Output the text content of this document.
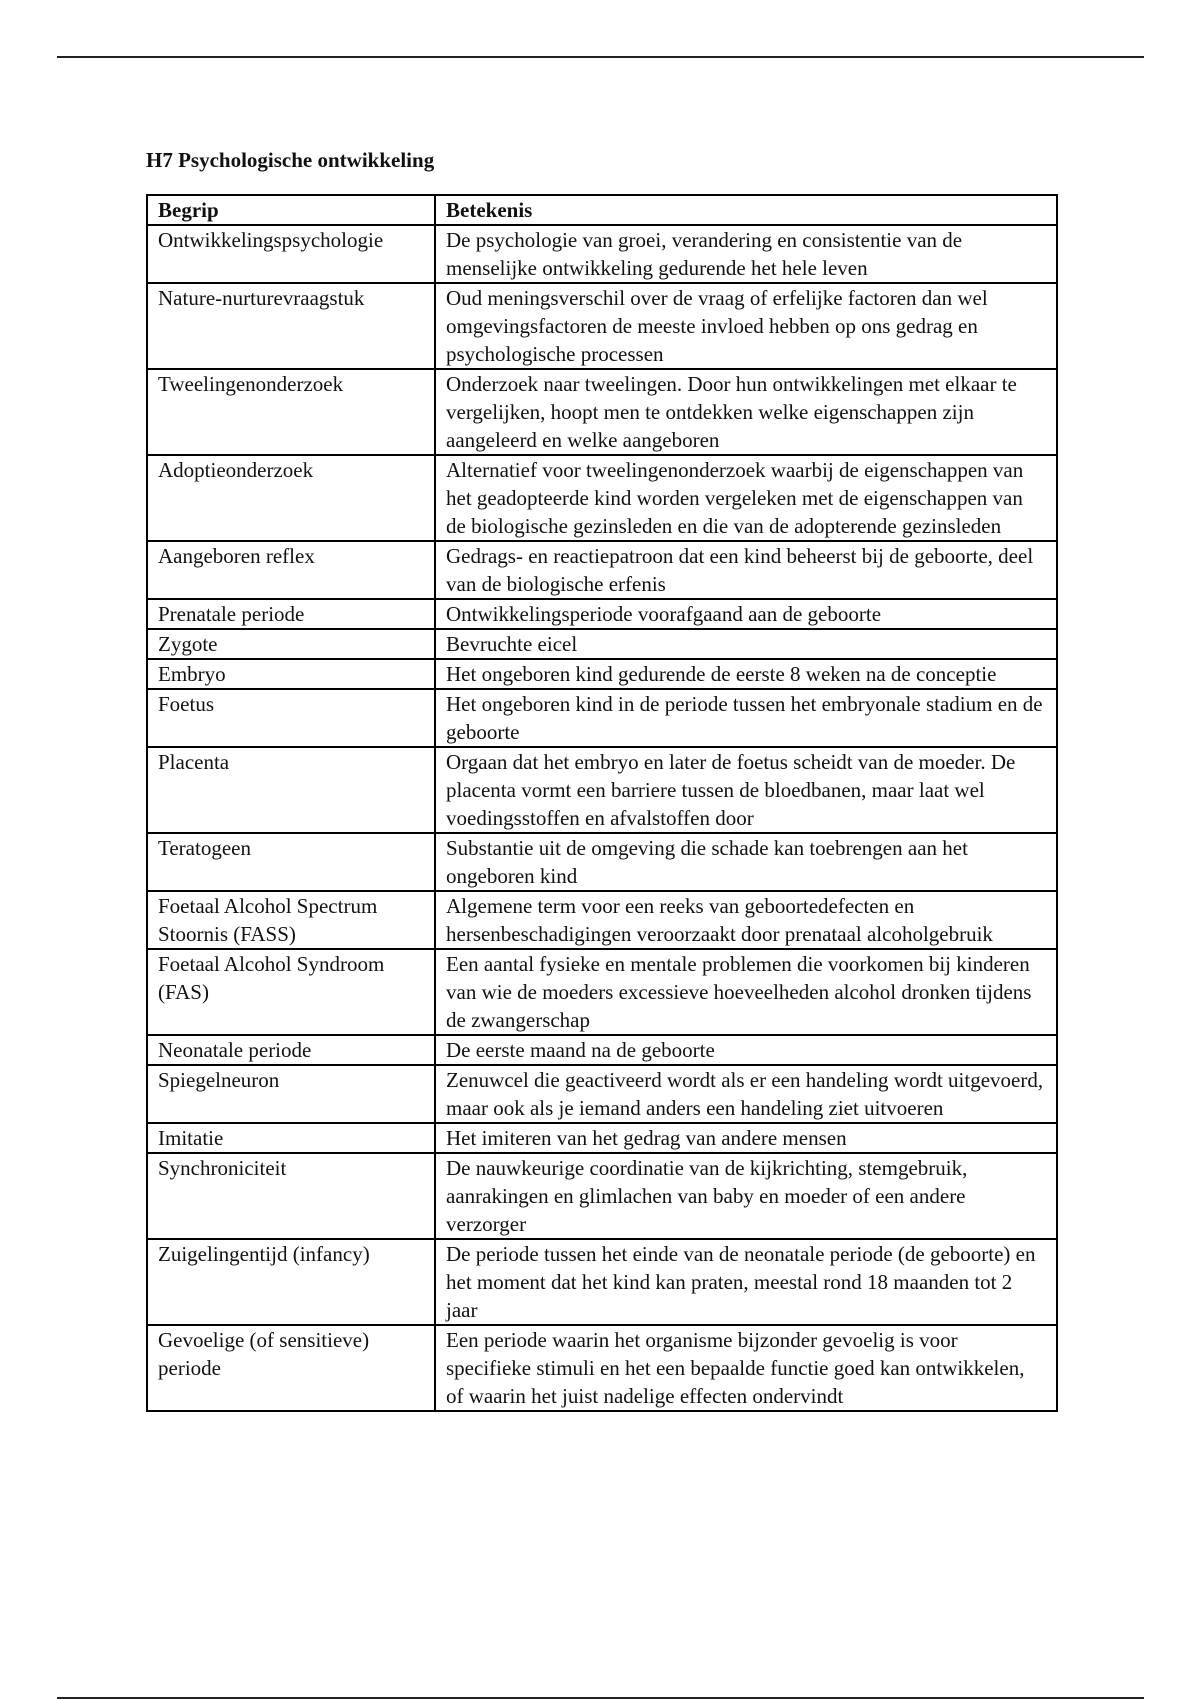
H7 Psychologische ontwikkeling
Begrip	Betekenis
Ontwikkelingspsychologie	De psychologie van groei, verandering en consistentie van de menselijke ontwikkeling gedurende het hele leven
Nature-nurturevraagstuk	Oud meningsverschil over de vraag of erfelijke factoren dan wel omgevingsfactoren de meeste invloed hebben op ons gedrag en psychologische processen
Tweelingenonderzoek	Onderzoek naar tweelingen. Door hun ontwikkelingen met elkaar te vergelijken, hoopt men te ontdekken welke eigenschappen zijn aangeleerd en welke aangeboren
Adoptieonderzoek	Alternatief voor tweelingenonderzoek waarbij de eigenschappen van het geadopteerde kind worden vergeleken met de eigenschappen van de biologische gezinsleden en die van de adopterende gezinsleden
Aangeboren reflex	Gedrags- en reactiepatroon dat een kind beheerst bij de geboorte, deel van de biologische erfenis
Prenatale periode	Ontwikkelingsperiode voorafgaand aan de geboorte
Zygote	Bevruchte eicel
Embryo	Het ongeboren kind gedurende de eerste 8 weken na de conceptie
Foetus	Het ongeboren kind in de periode tussen het embryonale stadium en de geboorte
Placenta	Orgaan dat het embryo en later de foetus scheidt van de moeder. De placenta vormt een barriere tussen de bloedbanen, maar laat wel voedingsstoffen en afvalstoffen door
Teratogeen	Substantie uit de omgeving die schade kan toebrengen aan het ongeboren kind
Foetaal Alcohol Spectrum Stoornis (FASS)	Algemene term voor een reeks van geboortedefecten en hersenbeschadigingen veroorzaakt door prenataal alcoholgebruik
Foetaal Alcohol Syndroom (FAS)	Een aantal fysieke en mentale problemen die voorkomen bij kinderen van wie de moeders excessieve hoeveelheden alcohol dronken tijdens de zwangerschap
Neonatale periode	De eerste maand na de geboorte
Spiegelneuron	Zenuwcel die geactiveerd wordt als er een handeling wordt uitgevoerd, maar ook als je iemand anders een handeling ziet uitvoeren
Imitatie	Het imiteren van het gedrag van andere mensen
Synchroniciteit	De nauwkeurige coordinatie van de kijkrichting, stemgebruik, aanrakingen en glimlachen van baby en moeder of een andere verzorger
Zuigelingentijd (infancy)	De periode tussen het einde van de neonatale periode (de geboorte) en het moment dat het kind kan praten, meestal rond 18 maanden tot 2 jaar
Gevoelige (of sensitieve) periode	Een periode waarin het organisme bijzonder gevoelig is voor specifieke stimuli en het een bepaalde functie goed kan ontwikkelen, of waarin het juist nadelige effecten ondervindt
